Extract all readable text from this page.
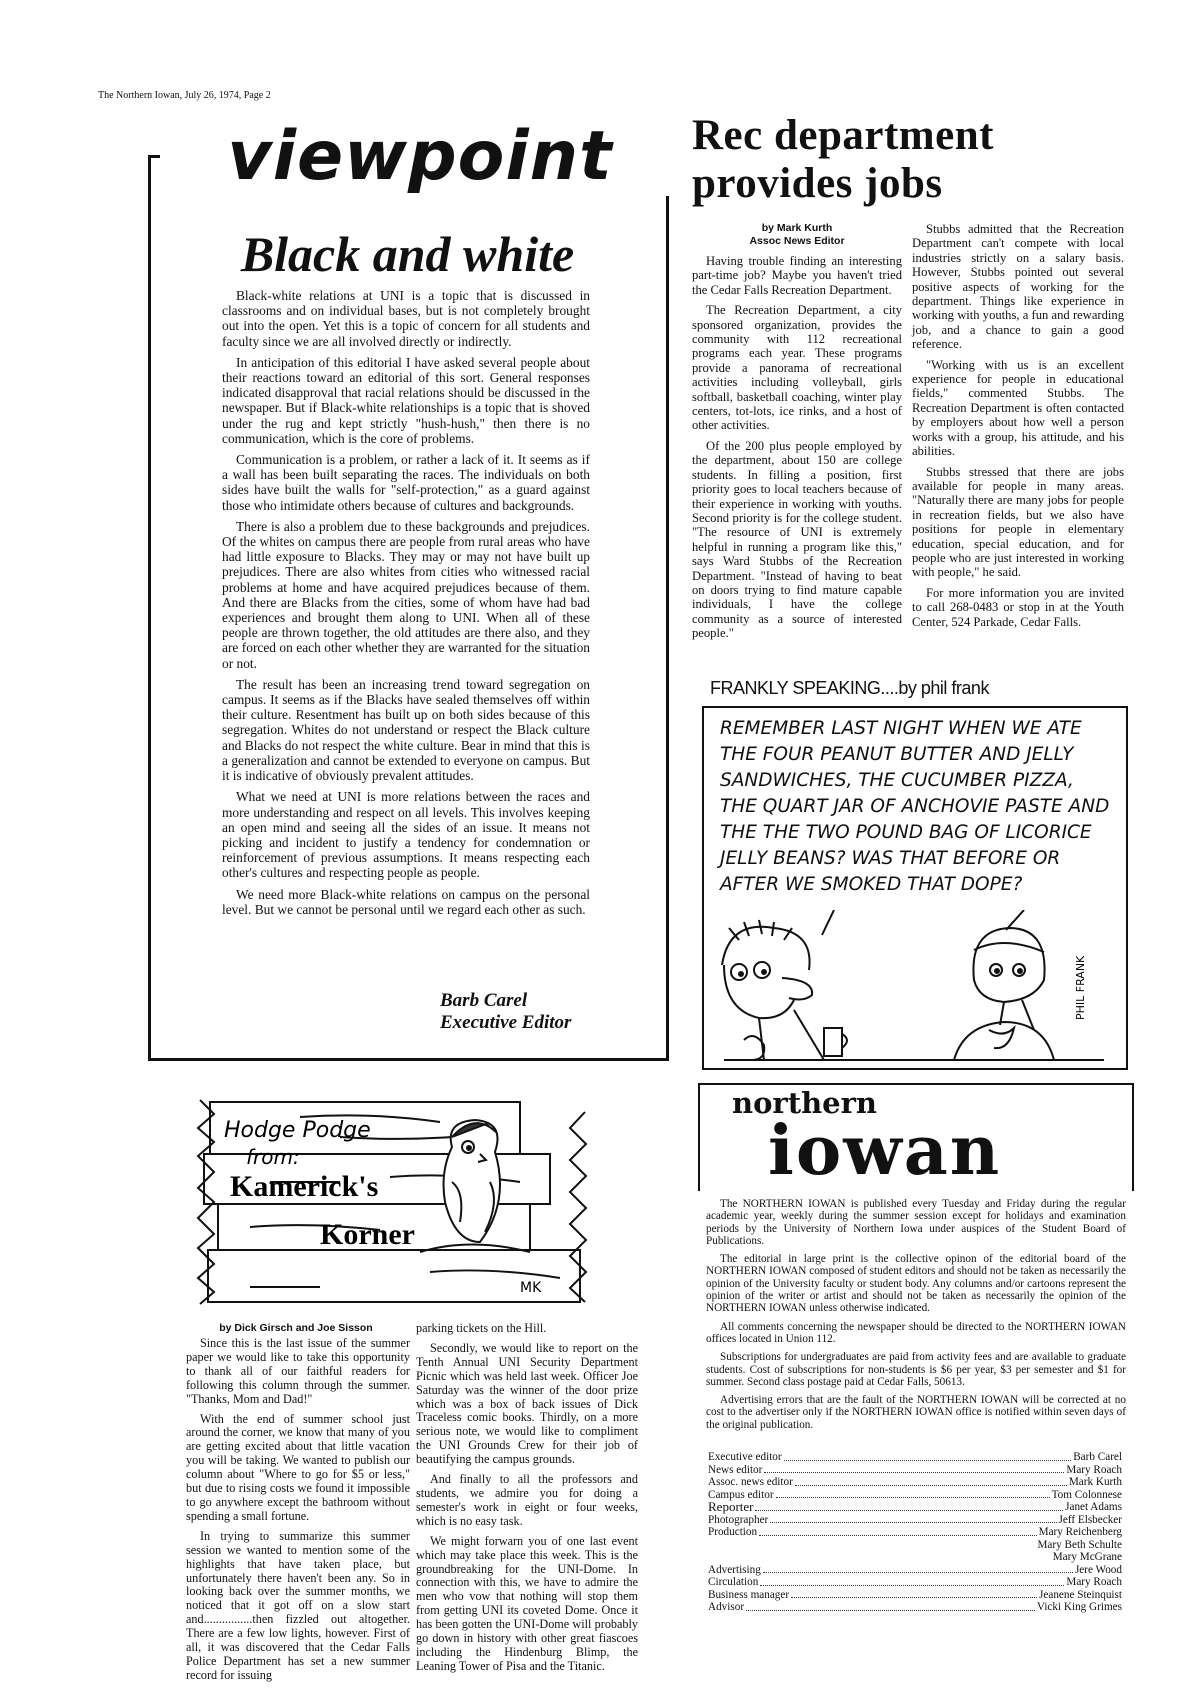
The Northern Iowan, July 26, 1974, Page 2
viewpoint
Black and white

Black-white relations at UNI is a topic that is discussed in classrooms and on individual bases, but is not completely brought out into the open. Yet this is a topic of concern for all students and faculty since we are all involved directly or indirectly.

In anticipation of this editorial I have asked several people about their reactions toward an editorial of this sort. General responses indicated disapproval that racial relations should be discussed in the newspaper. But if Black-white relationships is a topic that is shoved under the rug and kept strictly "hush-hush," then there is no communication, which is the core of problems.

Communication is a problem, or rather a lack of it. It seems as if a wall has been built separating the races. The individuals on both sides have built the walls for "self-protection," as a guard against those who intimidate others because of cultures and backgrounds.

There is also a problem due to these backgrounds and prejudices. Of the whites on campus there are people from rural areas who have had little exposure to Blacks. They may or may not have built up prejudices. There are also whites from cities who witnessed racial problems at home and have acquired prejudices because of them. And there are Blacks from the cities, some of whom have had bad experiences and brought them along to UNI. When all of these people are thrown together, the old attitudes are there also, and they are forced on each other whether they are warranted for the situation or not.

The result has been an increasing trend toward segregation on campus. It seems as if the Blacks have sealed themselves off within their culture. Resentment has built up on both sides because of this segregation. Whites do not understand or respect the Black culture and Blacks do not respect the white culture. Bear in mind that this is a generalization and cannot be extended to everyone on campus. But it is indicative of obviously prevalent attitudes.

What we need at UNI is more relations between the races and more understanding and respect on all levels. This involves keeping an open mind and seeing all the sides of an issue. It means not picking and incident to justify a tendency for condemnation or reinforcement of previous assumptions. It means respecting each other's cultures and respecting people as people.

We need more Black-white relations on campus on the personal level. But we cannot be personal until we regard each other as such.

Barb Carel
Executive Editor
Rec department
provides jobs
by Mark Kurth
Assoc News Editor

Having trouble finding an interesting part-time job? Maybe you haven't tried the Cedar Falls Recreation Department.

The Recreation Department, a city sponsored organization, provides the community with 112 recreational programs each year. These programs provide a panorama of recreational activities including volleyball, girls softball, basketball coaching, winter play centers, tot-lots, ice rinks, and a host of other activities.

Of the 200 plus people employed by the department, about 150 are college students. In filling a position, first priority goes to local teachers because of their experience in working with youths. Second priority is for the college student. "The resource of UNI is extremely helpful in running a program like this," says Ward Stubbs of the Recreation Department. "Instead of having to beat on doors trying to find mature capable individuals, I have the college community as a source of interested people."

Stubbs admitted that the Recreation Department can't compete with local industries strictly on a salary basis. However, Stubbs pointed out several positive aspects of working for the department. Things like experience in working with youths, a fun and rewarding job, and a chance to gain a good reference.

"Working with us is an excellent experience for people in educational fields," commented Stubbs. The Recreation Department is often contacted by employers about how well a person works with a group, his attitude, and his abilities.

Stubbs stressed that there are jobs available for people in many areas. "Naturally there are many jobs for people in recreation fields, but we also have positions for people in elementary education, special education, and for people who are just interested in working with people," he said.

For more information you are invited to call 268-0483 or stop in at the Youth Center, 524 Parkade, Cedar Falls.

FRANKLY SPEAKING....by phil frank
REMEMBER LAST NIGHT WHEN WE ATE THE FOUR PEANUT BUTTER AND JELLY SANDWICHES, THE CUCUMBER PIZZA, THE QUART JAR OF ANCHOVIE PASTE AND THE THE TWO POUND BAG OF LICORICE JELLY BEANS? WAS THAT BEFORE OR AFTER WE SMOKED THAT DOPE?
PHIL FRANK
northern
iowan

The NORTHERN IOWAN is published every Tuesday and Friday during the regular academic year, weekly during the summer session except for holidays and examination periods by the University of Northern Iowa under auspices of the Student Board of Publications.

The editorial in large print is the collective opinon of the editorial board of the NORTHERN IOWAN composed of student editors and should not be taken as necessarily the opinion of the University faculty or student body. Any columns and/or cartoons represent the opinion of the writer or artist and should not be taken as necessarily the opinion of the NORTHERN IOWAN unless otherwise indicated.

All comments concerning the newspaper should be directed to the NORTHERN IOWAN offices located in Union 112.

Subscriptions for undergraduates are paid from activity fees and are available to graduate students. Cost of subscriptions for non-students is $6 per year, $3 per semester and $1 for summer. Second class postage paid at Cedar Falls, 50613.

Advertising errors that are the fault of the NORTHERN IOWAN will be corrected at no cost to the advertiser only if the NORTHERN IOWAN office is notified within seven days of the original publication.

Executive editor	Barb Carel
News editor	Mary Roach
Assoc. news editor	Mark Kurth
Campus editor	Tom Colonnese
Reporter	Janet Adams
Photographer	Jeff Elsbecker
Production	Mary Reichenberg
Mary Beth Schulte
Mary McGrane
Advertising	Jere Wood
Circulation	Mary Roach
Business manager	Jeanene Steinquist
Advisor	Vicki King Grimes
Hodge Podge
from:
Kamerick's
Korner
MK
by Dick Girsch and Joe Sisson

Since this is the last issue of the summer paper we would like to take this opportunity to thank all of our faithful readers for following this column through the summer. "Thanks, Mom and Dad!"

With the end of summer school just around the corner, we know that many of you are getting excited about that little vacation you will be taking. We wanted to publish our column about "Where to go for $5 or less," but due to rising costs we found it impossible to go anywhere except the bathroom without spending a small fortune.

In trying to summarize this summer session we wanted to mention some of the highlights that have taken place, but unfortunately there haven't been any. So in looking back over the summer months, we noticed that it got off on a slow start and................then fizzled out altogether. There are a few low lights, however. First of all, it was discovered that the Cedar Falls Police Department has set a new summer record for issuing

parking tickets on the Hill.

Secondly, we would like to report on the Tenth Annual UNI Security Department Picnic which was held last week. Officer Joe Saturday was the winner of the door prize which was a box of back issues of Dick Traceless comic books. Thirdly, on a more serious note, we would like to compliment the UNI Grounds Crew for their job of beautifying the campus grounds.

And finally to all the professors and students, we admire you for doing a semester's work in eight or four weeks, which is no easy task.

We might forwarn you of one last event which may take place this week. This is the groundbreaking for the UNI-Dome. In connection with this, we have to admire the men who vow that nothing will stop them from getting UNI its coveted Dome. Once it has been gotten the UNI-Dome will probably go down in history with other great fiascoes including the Hindenburg Blimp, the Leaning Tower of Pisa and the Titanic.
